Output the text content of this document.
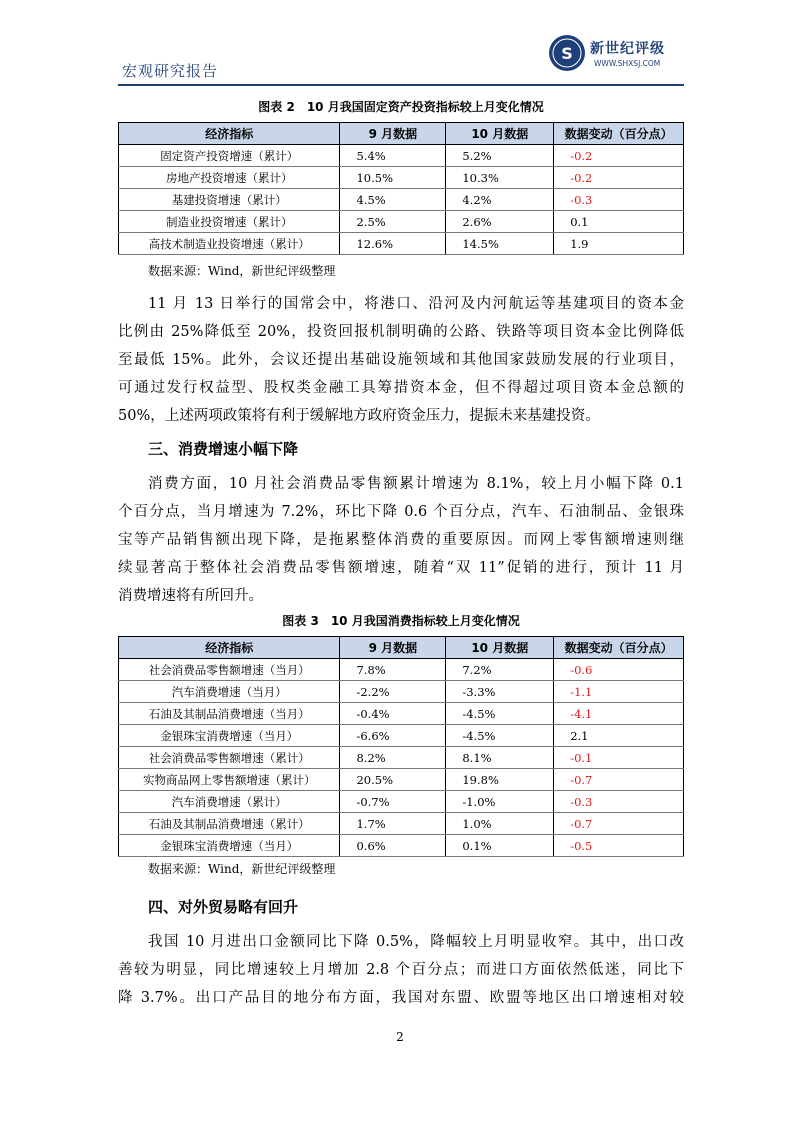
宏观研究报告
S 新世纪评级
WWW.SHXSJ.COM
图表 2　10 月我国固定资产投资指标较上月变化情况
经济指标	9 月数据	10 月数据	数据变动（百分点）
固定资产投资增速（累计）	5.4%	5.2%	-0.2
房地产投资增速（累计）	10.5%	10.3%	-0.2
基建投资增速（累计）	4.5%	4.2%	-0.3
制造业投资增速（累计）	2.5%	2.6%	0.1
高技术制造业投资增速（累计）	12.6%	14.5%	1.9
数据来源：Wind，新世纪评级整理
11 月 13 日举行的国常会中，将港口、沿河及内河航运等基建项目的资本金
比例由 25%降低至 20%，投资回报机制明确的公路、铁路等项目资本金比例降低
至最低 15%。此外，会议还提出基础设施领域和其他国家鼓励发展的行业项目，
可通过发行权益型、股权类金融工具筹措资本金，但不得超过项目资本金总额的
50%，上述两项政策将有利于缓解地方政府资金压力，提振未来基建投资。
三、消费增速小幅下降
消费方面，10 月社会消费品零售额累计增速为 8.1%，较上月小幅下降 0.1
个百分点，当月增速为 7.2%，环比下降 0.6 个百分点，汽车、石油制品、金银珠
宝等产品销售额出现下降，是拖累整体消费的重要原因。而网上零售额增速则继
续显著高于整体社会消费品零售额增速，随着“双 11”促销的进行，预计 11 月
消费增速将有所回升。
图表 3　10 月我国消费指标较上月变化情况
经济指标	9 月数据	10 月数据	数据变动（百分点）
社会消费品零售额增速（当月）	7.8%	7.2%	-0.6
汽车消费增速（当月）	-2.2%	-3.3%	-1.1
石油及其制品消费增速（当月）	-0.4%	-4.5%	-4.1
金银珠宝消费增速（当月）	-6.6%	-4.5%	2.1
社会消费品零售额增速（累计）	8.2%	8.1%	-0.1
实物商品网上零售额增速（累计）	20.5%	19.8%	-0.7
汽车消费增速（累计）	-0.7%	-1.0%	-0.3
石油及其制品消费增速（累计）	1.7%	1.0%	-0.7
金银珠宝消费增速（当月）	0.6%	0.1%	-0.5
数据来源：Wind，新世纪评级整理
四、对外贸易略有回升
我国 10 月进出口金额同比下降 0.5%，降幅较上月明显收窄。其中，出口改
善较为明显，同比增速较上月增加 2.8 个百分点；而进口方面依然低迷，同比下
降 3.7%。出口产品目的地分布方面，我国对东盟、欧盟等地区出口增速相对较
2
